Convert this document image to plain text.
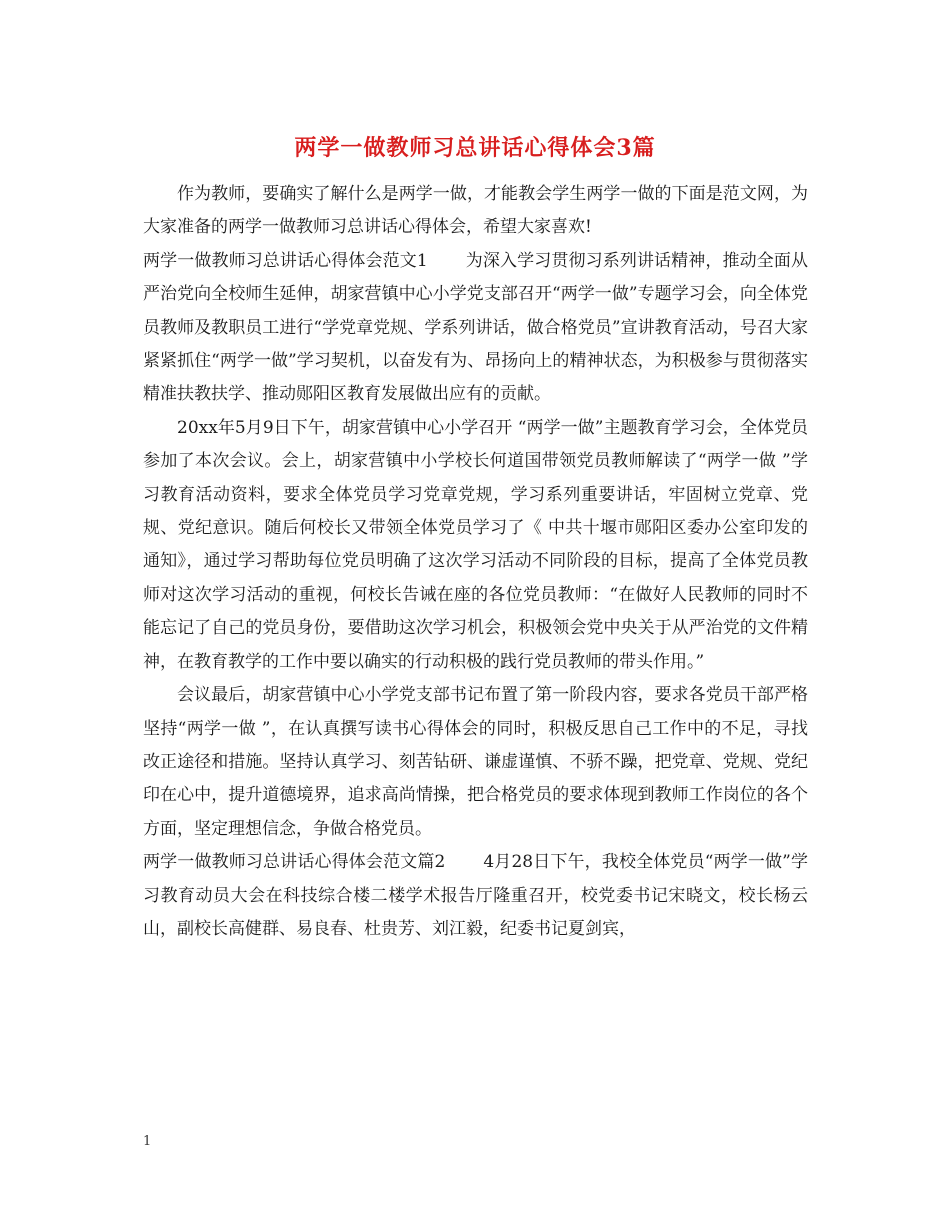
两学一做教师习总讲话心得体会3篇

作为教师，要确实了解什么是两学一做，才能教会学生两学一做的下面是范文网，为大家准备的两学一做教师习总讲话心得体会，希望大家喜欢!

两学一做教师习总讲话心得体会范文1 为深入学习贯彻习系列讲话精神，推动全面从严治党向全校师生延伸，胡家营镇中心小学党支部召开“两学一做”专题学习会，向全体党员教师及教职员工进行“学党章党规、学系列讲话，做合格党员”宣讲教育活动，号召大家紧紧抓住“两学一做”学习契机，以奋发有为、昂扬向上的精神状态，为积极参与贯彻落实精准扶教扶学、推动郧阳区教育发展做出应有的贡献。

20xx年5月9日下午，胡家营镇中心小学召开 “两学一做”主题教育学习会，全体党员参加了本次会议。会上，胡家营镇中小学校长何道国带领党员教师解读了“两学一做 ”学习教育活动资料，要求全体党员学习党章党规，学习系列重要讲话，牢固树立党章、党规、党纪意识。随后何校长又带领全体党员学习了《 中共十堰市郧阳区委办公室印发的通知》，通过学习帮助每位党员明确了这次学习活动不同阶段的目标，提高了全体党员教师对这次学习活动的重视，何校长告诫在座的各位党员教师：“在做好人民教师的同时不能忘记了自己的党员身份，要借助这次学习机会，积极领会党中央关于从严治党的文件精神，在教育教学的工作中要以确实的行动积极的践行党员教师的带头作用。”

会议最后，胡家营镇中心小学党支部书记布置了第一阶段内容，要求各党员干部严格坚持“两学一做 ”，在认真撰写读书心得体会的同时，积极反思自己工作中的不足，寻找改正途径和措施。坚持认真学习、刻苦钻研、谦虚谨慎、不骄不躁，把党章、党规、党纪印在心中，提升道德境界，追求高尚情操，把合格党员的要求体现到教师工作岗位的各个方面，坚定理想信念，争做合格党员。

两学一做教师习总讲话心得体会范文篇2 4月28日下午，我校全体党员“两学一做”学习教育动员大会在科技综合楼二楼学术报告厅隆重召开，校党委书记宋晓文，校长杨云山，副校长高健群、易良春、杜贵芳、刘江毅，纪委书记夏剑宾，

1
